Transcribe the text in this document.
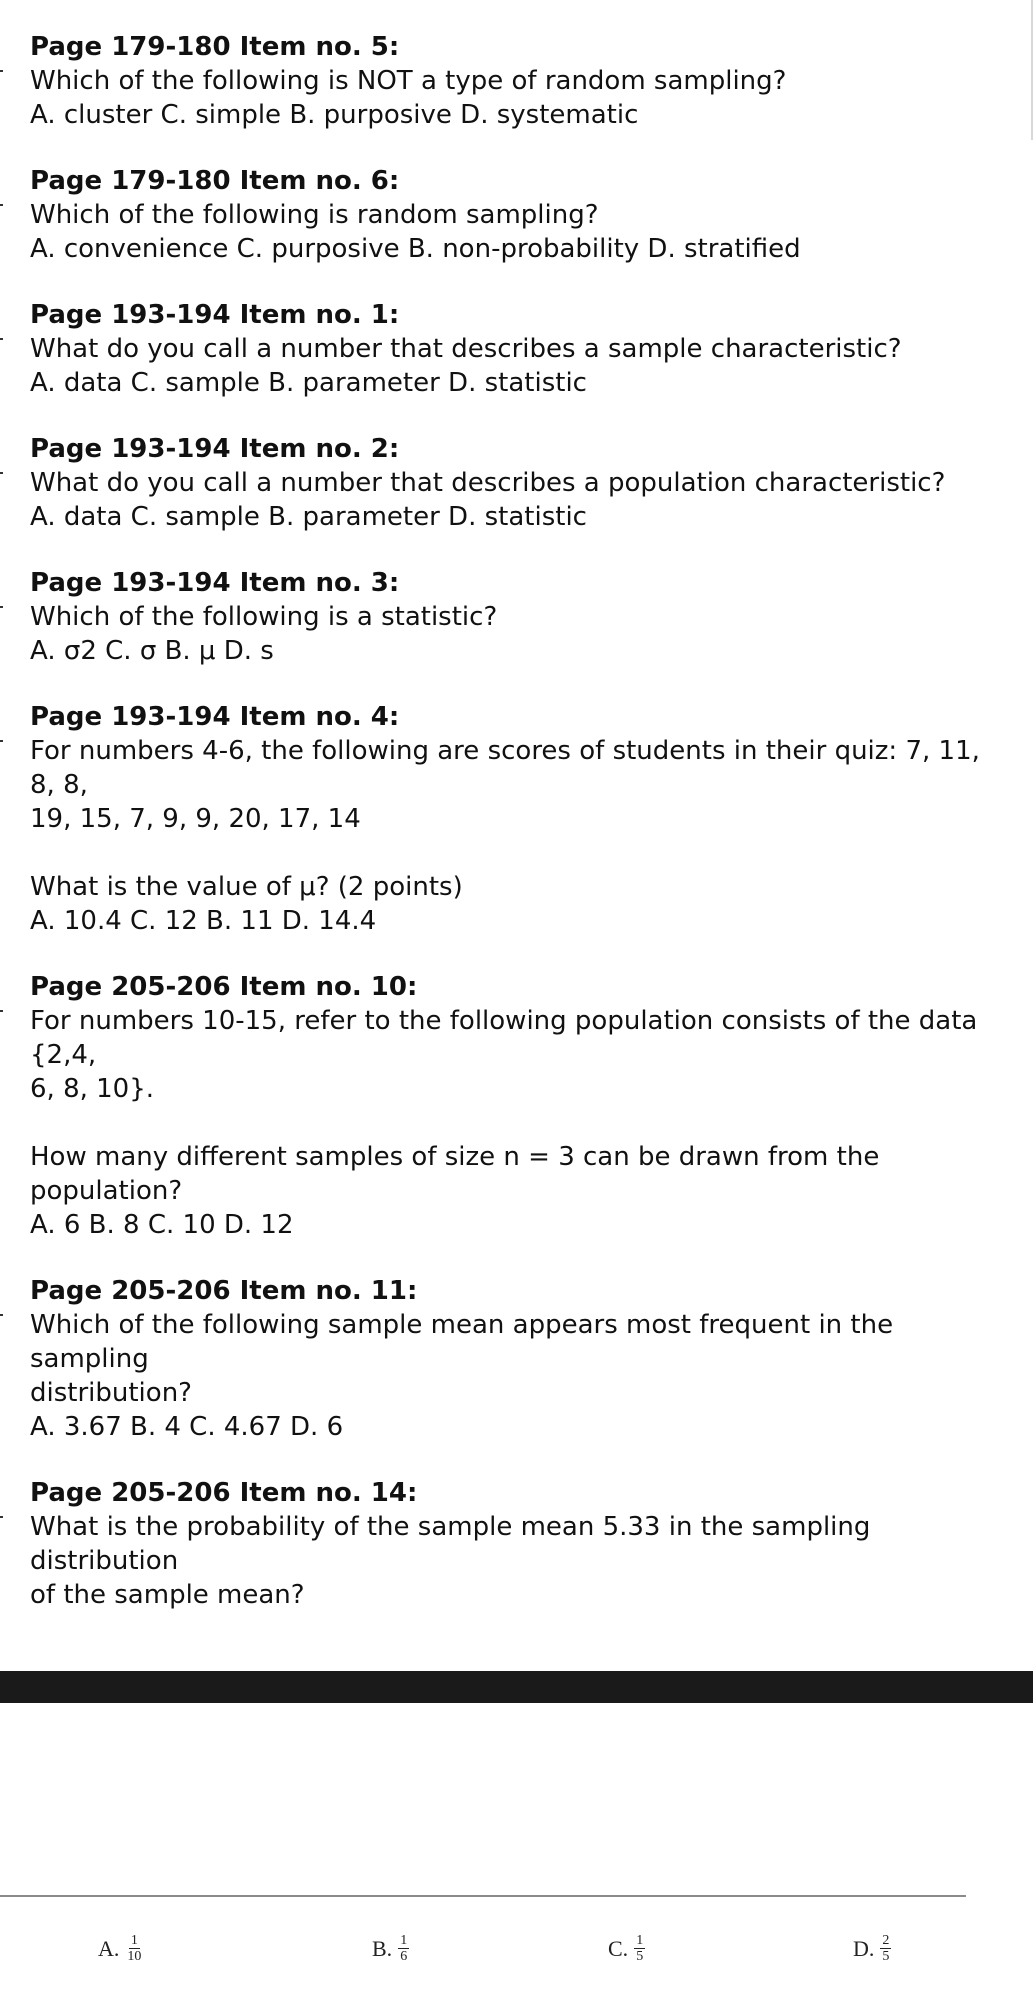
Page 179-180 Item no. 5:
Which of the following is NOT a type of random sampling?
A. cluster C. simple B. purposive D. systematic
Page 179-180 Item no. 6:
Which of the following is random sampling?
A. convenience C. purposive B. non-probability D. stratified
Page 193-194 Item no. 1:
What do you call a number that describes a sample characteristic?
A. data C. sample B. parameter D. statistic
Page 193-194 Item no. 2:
What do you call a number that describes a population characteristic?
A. data C. sample B. parameter D. statistic
Page 193-194 Item no. 3:
Which of the following is a statistic?
A. σ2 C. σ B. μ D. s
Page 193-194 Item no. 4:
For numbers 4-6, the following are scores of students in their quiz: 7, 11, 8, 8,
19, 15, 7, 9, 9, 20, 17, 14
What is the value of μ? (2 points)
A. 10.4 C. 12 B. 11 D. 14.4
Page 205-206 Item no. 10:
For numbers 10-15, refer to the following population consists of the data {2,4,
6, 8, 10}.
How many different samples of size n = 3 can be drawn from the population?
A. 6 B. 8 C. 10 D. 12
Page 205-206 Item no. 11:
Which of the following sample mean appears most frequent in the sampling
distribution?
A. 3.67 B. 4 C. 4.67 D. 6
Page 205-206 Item no. 14:
What is the probability of the sample mean 5.33 in the sampling distribution
of the sample mean?
A. $\frac{1}{10}$	B. $\frac{1}{6}$	C. $\frac{1}{5}$	D. $\frac{2}{5}$
